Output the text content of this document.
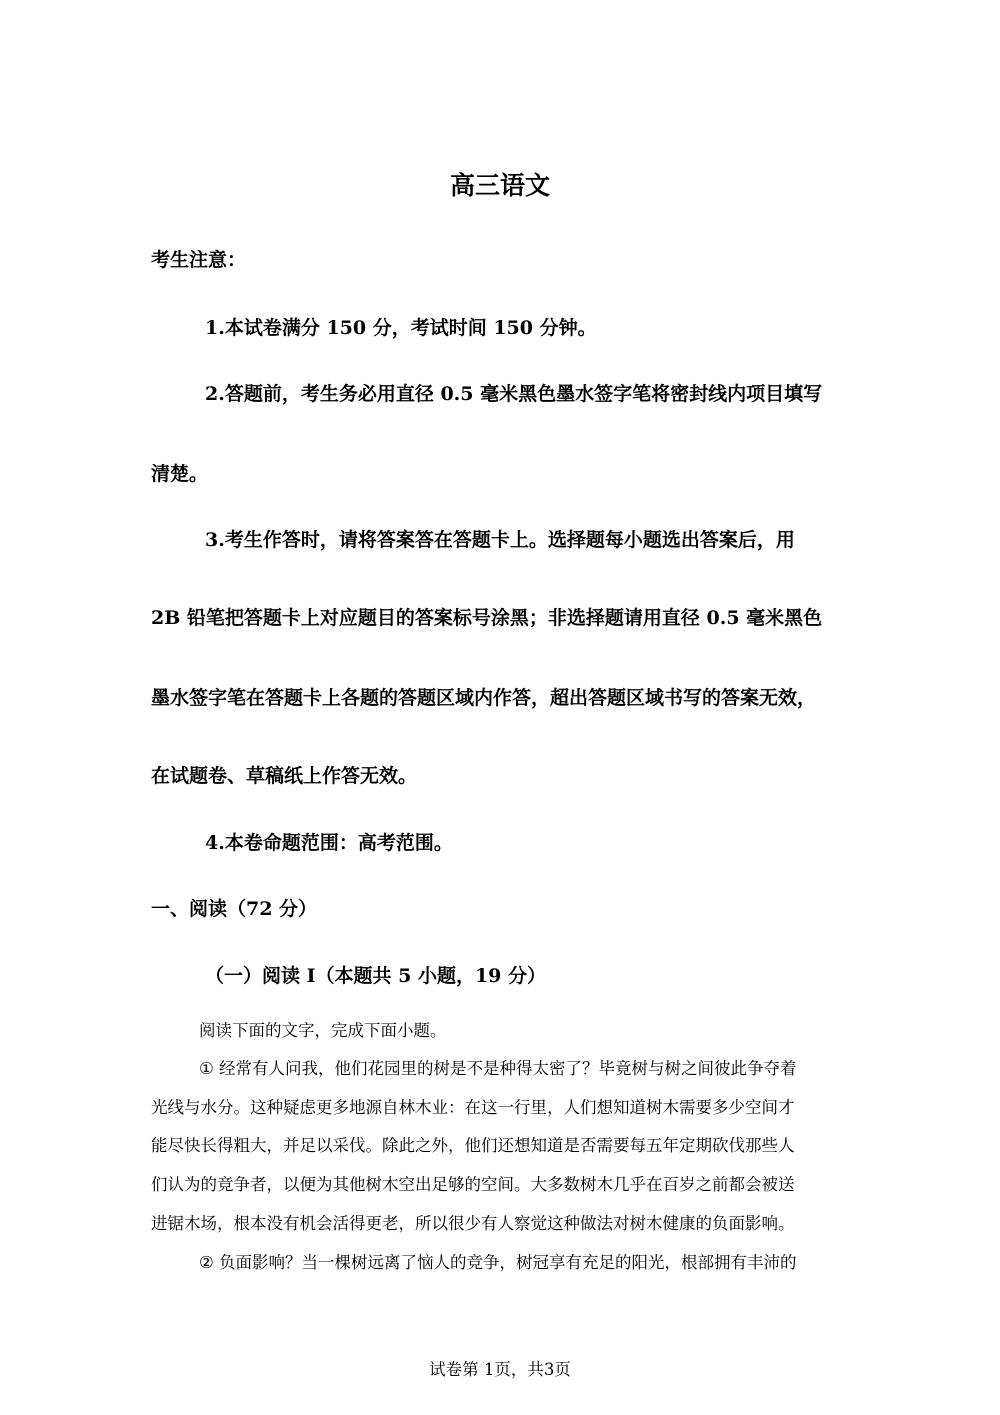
高三语文
考生注意：
1.本试卷满分 150 分，考试时间 150 分钟。
2.答题前，考生务必用直径 0.5 毫米黑色墨水签字笔将密封线内项目填写
清楚。
3.考生作答时，请将答案答在答题卡上。选择题每小题选出答案后，用
2B 铅笔把答题卡上对应题目的答案标号涂黑；非选择题请用直径 0.5 毫米黑色
墨水签字笔在答题卡上各题的答题区域内作答，超出答题区域书写的答案无效，
在试题卷、草稿纸上作答无效。
4.本卷命题范围：高考范围。
一、阅读（72 分）
（一）阅读 I（本题共 5 小题，19 分）
阅读下面的文字，完成下面小题。
① 经常有人问我，他们花园里的树是不是种得太密了？毕竟树与树之间彼此争夺着
光线与水分。这种疑虑更多地源自林木业：在这一行里，人们想知道树木需要多少空间才
能尽快长得粗大，并足以采伐。除此之外，他们还想知道是否需要每五年定期砍伐那些人
们认为的竞争者，以便为其他树木空出足够的空间。大多数树木几乎在百岁之前都会被送
进锯木场，根本没有机会活得更老，所以很少有人察觉这种做法对树木健康的负面影响。
② 负面影响？当一棵树远离了恼人的竞争，树冠享有充足的阳光，根部拥有丰沛的
试卷第 1页，共3页
